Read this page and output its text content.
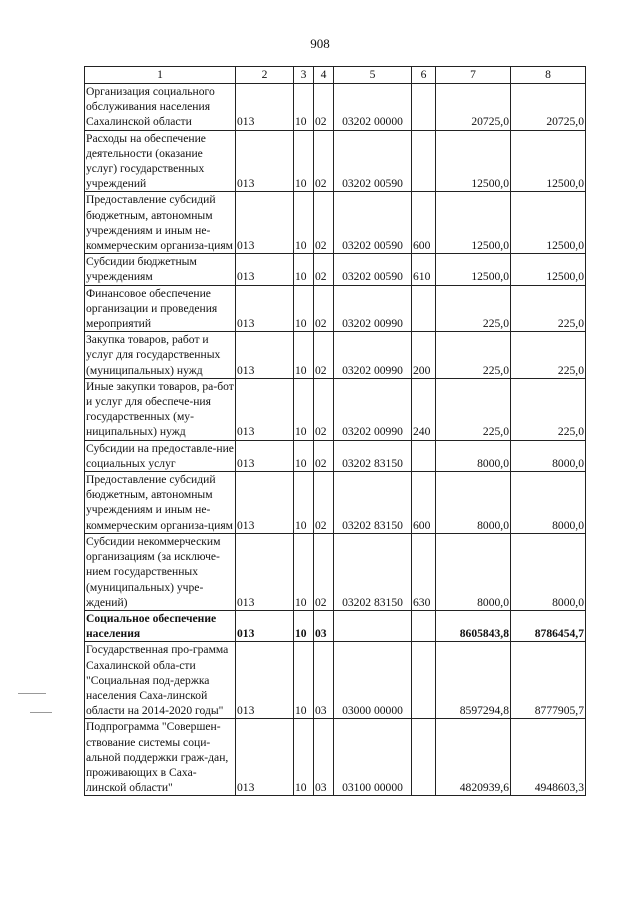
908
1	2	3	4	5	6	7	8
Организация социального обслуживания населения Сахалинской области	013	10	02	03202 00000		20725,0	20725,0
Расходы на обеспечение деятельности (оказание услуг) государственных учреждений	013	10	02	03202 00590		12500,0	12500,0
Предоставление субсидий бюджетным, автономным учреждениям и иным не-коммерческим организа-циям	013	10	02	03202 00590	600	12500,0	12500,0
Субсидии бюджетным учреждениям	013	10	02	03202 00590	610	12500,0	12500,0
Финансовое обеспечение организации и проведения мероприятий	013	10	02	03202 00990		225,0	225,0
Закупка товаров, работ и услуг для государственных (муниципальных) нужд	013	10	02	03202 00990	200	225,0	225,0
Иные закупки товаров, ра-бот и услуг для обеспече-ния государственных (му-ниципальных) нужд	013	10	02	03202 00990	240	225,0	225,0
Субсидии на предоставле-ние социальных услуг	013	10	02	03202 83150		8000,0	8000,0
Предоставление субсидий бюджетным, автономным учреждениям и иным не-коммерческим организа-циям	013	10	02	03202 83150	600	8000,0	8000,0
Субсидии некоммерческим организациям (за исключе-нием государственных (муниципальных) учре-ждений)	013	10	02	03202 83150	630	8000,0	8000,0
Социальное обеспечение населения	013	10	03			8605843,8	8786454,7
Государственная про-грамма Сахалинской обла-сти "Социальная под-держка населения Саха-линской области на 2014-2020 годы"	013	10	03	03000 00000		8597294,8	8777905,7
Подпрограмма "Совершен-ствование системы соци-альной поддержки граж-дан, проживающих в Саха-линской области"	013	10	03	03100 00000		4820939,6	4948603,3
